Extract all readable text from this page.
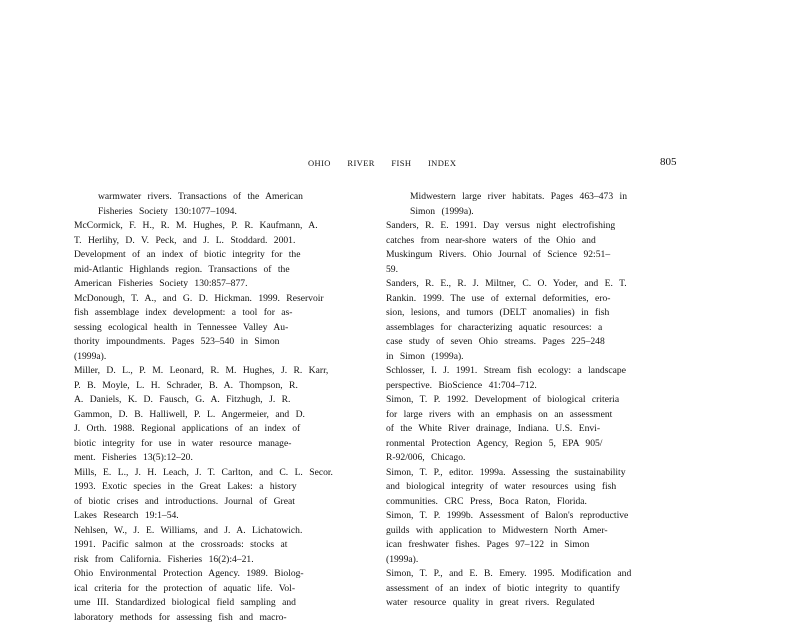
OHIO RIVER FISH INDEX	805
warmwater rivers. Transactions of the American
Fisheries Society 130:1077–1094.
McCormick, F. H., R. M. Hughes, P. R. Kaufmann, A.
T. Herlihy, D. V. Peck, and J. L. Stoddard. 2001.
Development of an index of biotic integrity for the
mid-Atlantic Highlands region. Transactions of the
American Fisheries Society 130:857–877.
McDonough, T. A., and G. D. Hickman. 1999. Reservoir
fish assemblage index development: a tool for as-
sessing ecological health in Tennessee Valley Au-
thority impoundments. Pages 523–540 in Simon
(1999a).
Miller, D. L., P. M. Leonard, R. M. Hughes, J. R. Karr,
P. B. Moyle, L. H. Schrader, B. A. Thompson, R.
A. Daniels, K. D. Fausch, G. A. Fitzhugh, J. R.
Gammon, D. B. Halliwell, P. L. Angermeier, and D.
J. Orth. 1988. Regional applications of an index of
biotic integrity for use in water resource manage-
ment. Fisheries 13(5):12–20.
Mills, E. L., J. H. Leach, J. T. Carlton, and C. L. Secor.
1993. Exotic species in the Great Lakes: a history
of biotic crises and introductions. Journal of Great
Lakes Research 19:1–54.
Nehlsen, W., J. E. Williams, and J. A. Lichatowich.
1991. Pacific salmon at the crossroads: stocks at
risk from California. Fisheries 16(2):4–21.
Ohio Environmental Protection Agency. 1989. Biolog-
ical criteria for the protection of aquatic life. Vol-
ume III. Standardized biological field sampling and
laboratory methods for assessing fish and macro-
Midwestern large river habitats. Pages 463–473 in
Simon (1999a).
Sanders, R. E. 1991. Day versus night electrofishing
catches from near-shore waters of the Ohio and
Muskingum Rivers. Ohio Journal of Science 92:51–
59.
Sanders, R. E., R. J. Miltner, C. O. Yoder, and E. T.
Rankin. 1999. The use of external deformities, ero-
sion, lesions, and tumors (DELT anomalies) in fish
assemblages for characterizing aquatic resources: a
case study of seven Ohio streams. Pages 225–248
in Simon (1999a).
Schlosser, I. J. 1991. Stream fish ecology: a landscape
perspective. BioScience 41:704–712.
Simon, T. P. 1992. Development of biological criteria
for large rivers with an emphasis on an assessment
of the White River drainage, Indiana. U.S. Envi-
ronmental Protection Agency, Region 5, EPA 905/
R-92/006, Chicago.
Simon, T. P., editor. 1999a. Assessing the sustainability
and biological integrity of water resources using fish
communities. CRC Press, Boca Raton, Florida.
Simon, T. P. 1999b. Assessment of Balon's reproductive
guilds with application to Midwestern North Amer-
ican freshwater fishes. Pages 97–122 in Simon
(1999a).
Simon, T. P., and E. B. Emery. 1995. Modification and
assessment of an index of biotic integrity to quantify
water resource quality in great rivers. Regulated
